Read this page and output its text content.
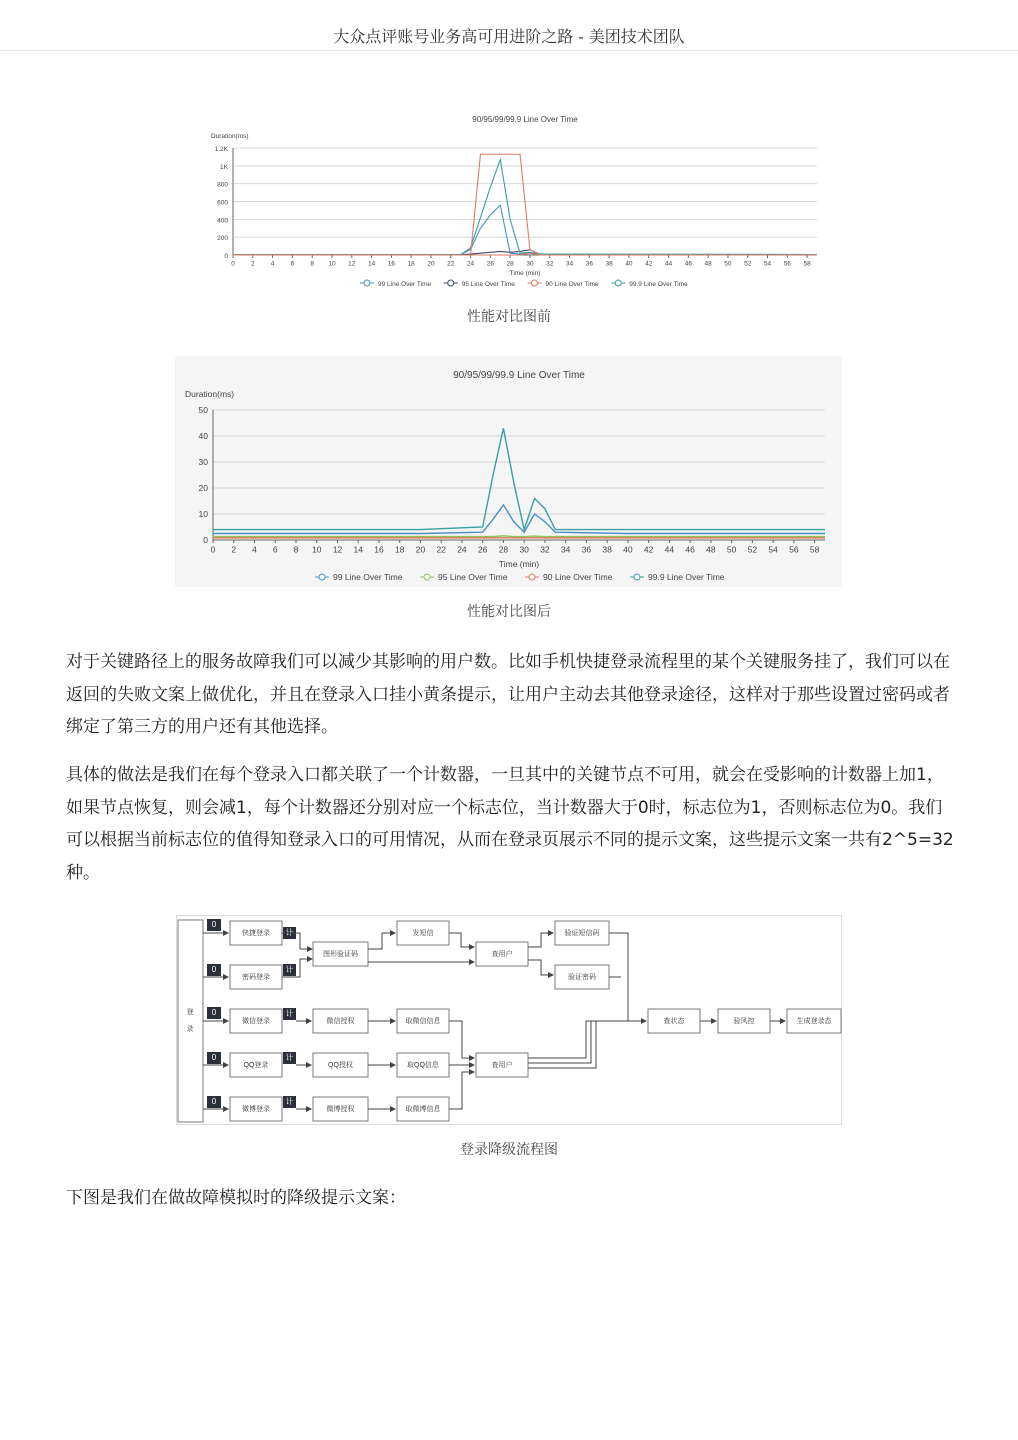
大众点评账号业务高可用进阶之路 - 美团技术团队
90/95/99/99.9 Line Over Time
Duration(ms)
0
200
400
600
800
1K
1.2K
0 2 4 6 8 10 12 14 16 18 20 22 24 26 28 30 32 34 36 38 40 42 44 46 48 50 52 54 56 58
Time (min)
99 Line Over Time	95 Line Over Time	90 Line Over Time	99.9 Line Over Time
性能对比图前
90/95/99/99.9 Line Over Time
Duration(ms)
0
10
20
30
40
50
0 2 4 6 8 10 12 14 16 18 20 22 24 26 28 30 32 34 36 38 40 42 44 46 48 50 52 54 56 58
Time (min)
99 Line Over Time	95 Line Over Time	90 Line Over Time	99.9 Line Over Time
性能对比图后

对于关键路径上的服务故障我们可以减少其影响的用户数。比如手机快捷登录流程里的某个关键服务挂了，我们可以在返回的失败文案上做优化，并且在登录入口挂小黄条提示，让用户主动去其他登录途径，这样对于那些设置过密码或者绑定了第三方的用户还有其他选择。

具体的做法是我们在每个登录入口都关联了一个计数器，一旦其中的关键节点不可用，就会在受影响的计数器上加1，如果节点恢复，则会减1，每个计数器还分别对应一个标志位，当计数器大于0时，标志位为1，否则标志位为0。我们可以根据当前标志位的值得知登录入口的可用情况，从而在登录页展示不同的提示文案，这些提示文案一共有2^5=32种。

登
录
0
计
0	计
0	计
0	计
0	计
快捷登录
密码登录
微信登录
QQ登录
微博登录
图形验证码
发短信
查用户
验证短信码
验证密码
微信授权
QQ授权
微博授权
取微信信息
取QQ信息
取微博信息
查用户
查状态	验风控	生成登录态
登录降级流程图

下图是我们在做故障模拟时的降级提示文案：
